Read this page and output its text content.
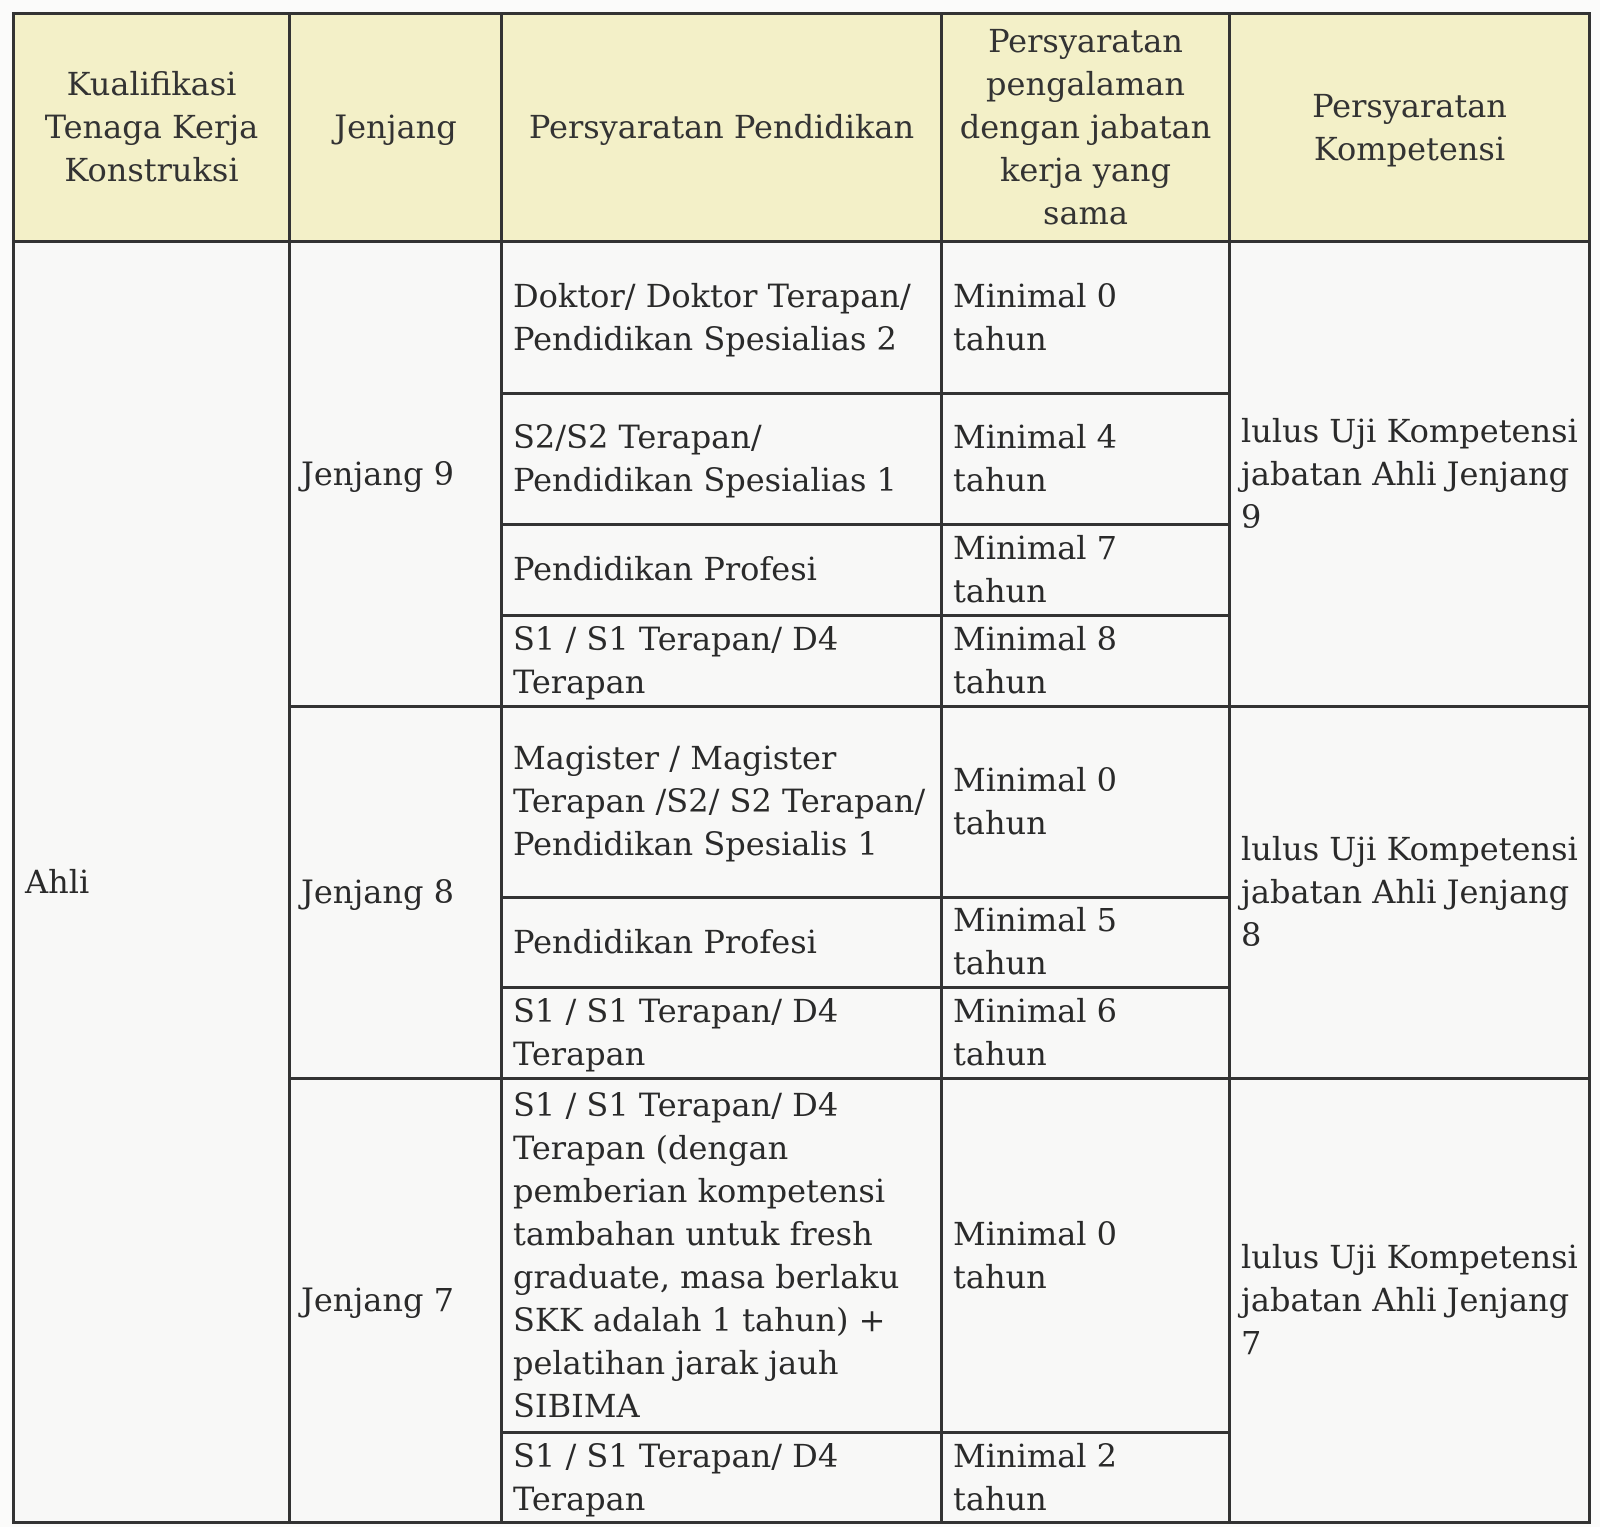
Kualifikasi Tenaga Kerja Konstruksi	Jenjang	Persyaratan Pendidikan	Persyaratan pengalaman dengan jabatan kerja yang sama	Persyaratan Kompetensi
Ahli	Jenjang 9	Doktor/ Doktor Terapan/ Pendidikan Spesialias 2	Minimal 0 tahun	lulus Uji Kompetensi jabatan Ahli Jenjang 9
		S2/S2 Terapan/ Pendidikan Spesialias 1	Minimal 4 tahun	
		Pendidikan Profesi	Minimal 7 tahun	
		S1 / S1 Terapan/ D4 Terapan	Minimal 8 tahun	
	Jenjang 8	Magister / Magister Terapan /S2/ S2 Terapan/ Pendidikan Spesialis 1	Minimal 0 tahun	lulus Uji Kompetensi jabatan Ahli Jenjang 8
		Pendidikan Profesi	Minimal 5 tahun	
		S1 / S1 Terapan/ D4 Terapan	Minimal 6 tahun	
	Jenjang 7	S1 / S1 Terapan/ D4 Terapan (dengan pemberian kompetensi tambahan untuk fresh graduate, masa berlaku SKK adalah 1 tahun) + pelatihan jarak jauh SIBIMA	Minimal 0 tahun	lulus Uji Kompetensi jabatan Ahli Jenjang 7
		S1 / S1 Terapan/ D4 Terapan	Minimal 2 tahun	
